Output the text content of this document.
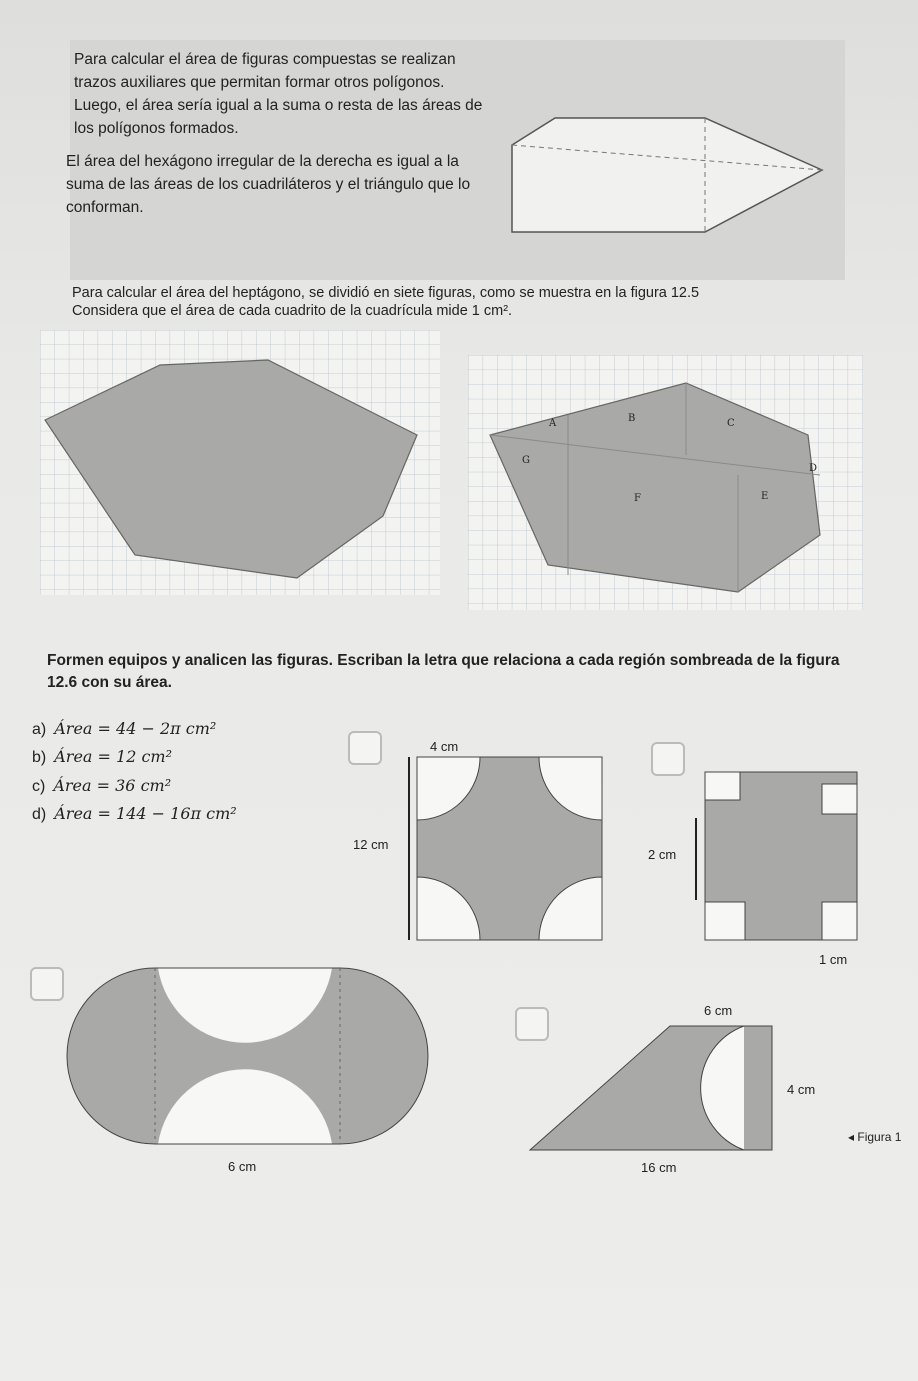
Para calcular el área de figuras compuestas se realizan trazos auxiliares que permitan formar otros polígonos. Luego, el área sería igual a la suma o resta de las áreas de los polígonos formados.

El área del hexágono irregular de la derecha es igual a la suma de las áreas de los cuadriláteros y el triángulo que lo conforman.

Para calcular el área del heptágono, se dividió en siete figuras, como se muestra en la figura 12.5

Considera que el área de cada cuadrito de la cuadrícula mide 1 cm².

A	B	C
G
D
F	E

Formen equipos y analicen las figuras. Escriban la letra que relaciona a cada región sombreada de la figura 12.6 con su área.

a) Área = 44 − 2π cm²
b) Área = 12 cm²
c) Área = 36 cm²
d) Área = 144 − 16π cm²
4 cm
12 cm
2 cm
1 cm
6 cm
6 cm
4 cm
16 cm
◂ Figura 1
